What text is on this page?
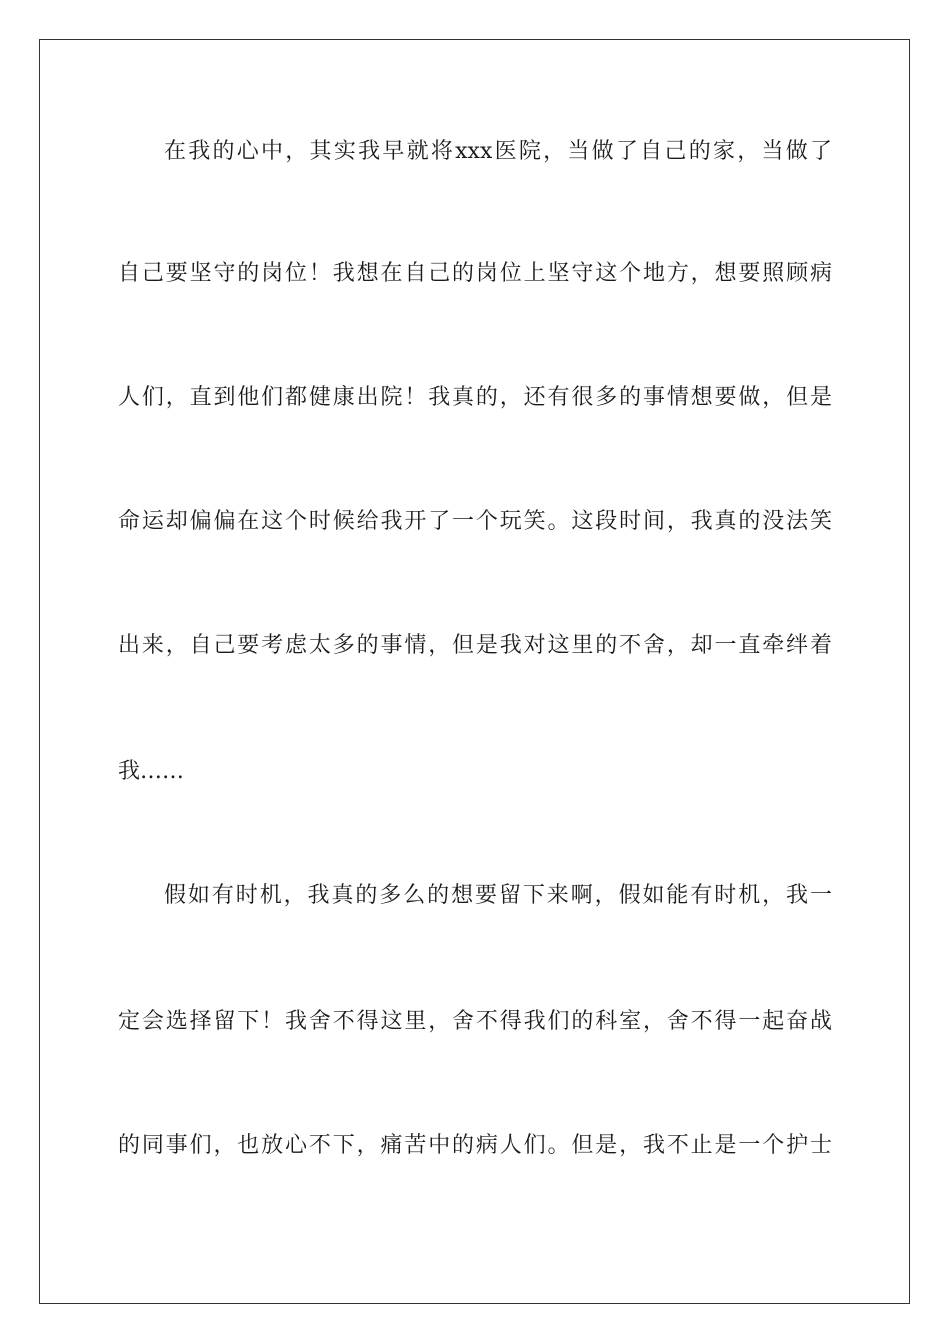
在我的心中，其实我早就将xxx医院，当做了自己的家，当做了
自己要坚守的岗位！我想在自己的岗位上坚守这个地方，想要照顾病
人们，直到他们都健康出院！我真的，还有很多的事情想要做，但是
命运却偏偏在这个时候给我开了一个玩笑。这段时间，我真的没法笑
出来，自己要考虑太多的事情，但是我对这里的不舍，却一直牵绊着
我……
假如有时机，我真的多么的想要留下来啊，假如能有时机，我一
定会选择留下！我舍不得这里，舍不得我们的科室，舍不得一起奋战
的同事们，也放心不下，痛苦中的病人们。但是，我不止是一个护士
